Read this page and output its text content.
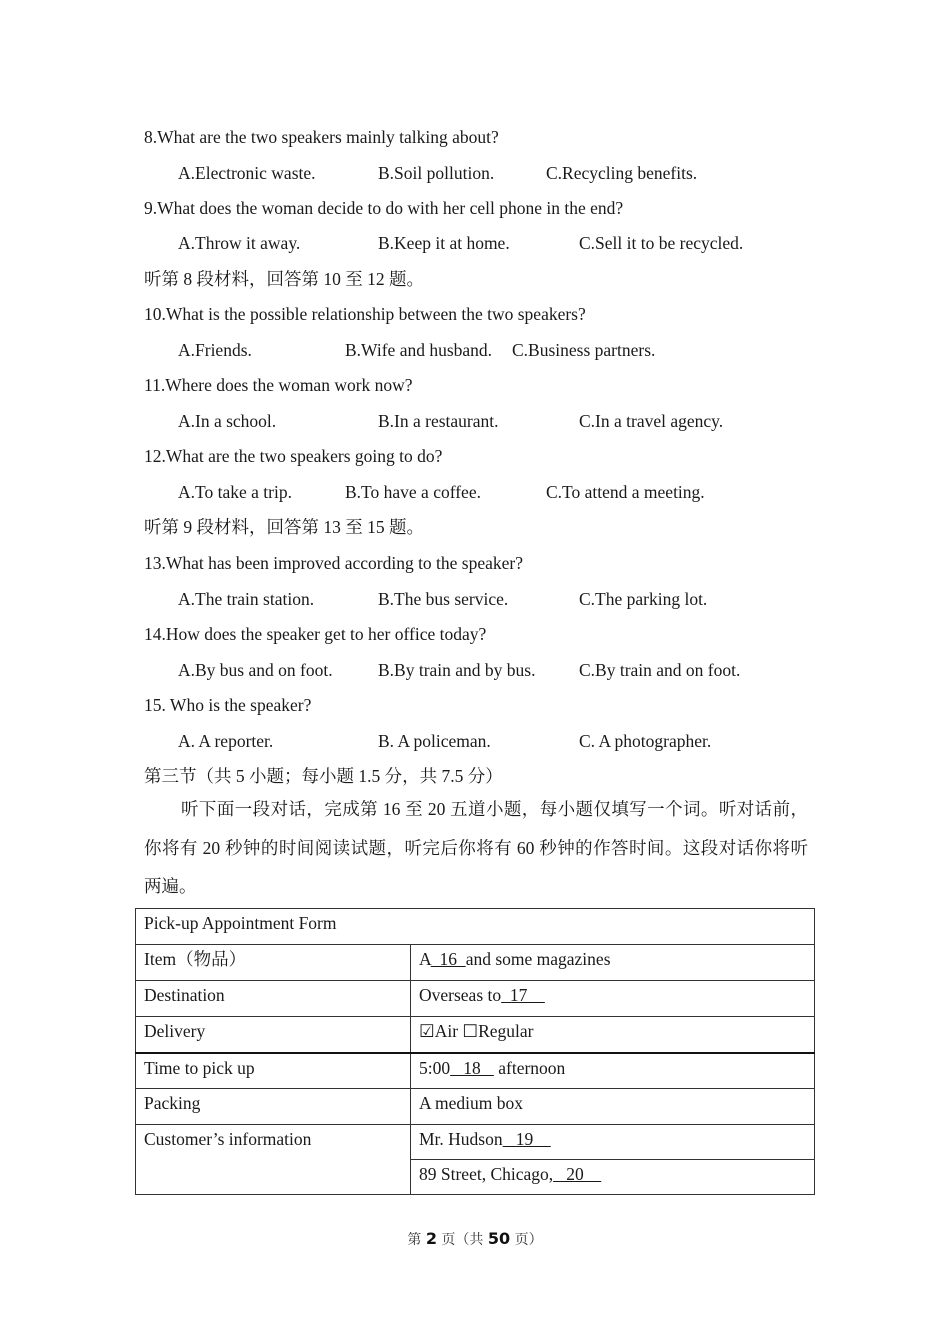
8.What are the two speakers mainly talking about?
A.Electronic waste.	B.Soil pollution.	C.Recycling benefits.
9.What does the woman decide to do with her cell phone in the end?
A.Throw it away.	B.Keep it at home.	C.Sell it to be recycled.
听第 8 段材料，回答第 10 至 12 题。
10.What is the possible relationship between the two speakers?
A.Friends.	B.Wife and husband. C.Business partners.
11.Where does the woman work now?
A.In a school.	B.In a restaurant.	C.In a travel agency.
12.What are the two speakers going to do?
A.To take a trip.	B.To have a coffee.	C.To attend a meeting.
听第 9 段材料，回答第 13 至 15 题。
13.What has been improved according to the speaker?
A.The train station.	B.The bus service.	C.The parking lot.
14.How does the speaker get to her office today?
A.By bus and on foot.	B.By train and by bus. C.By train and on foot.
15. Who is the speaker?
A. A reporter.	B. A policeman.	C. A photographer.
第三节（共 5 小题；每小题 1.5 分，共 7.5 分）
听下面一段对话，完成第 16 至 20 五道小题，每小题仅填写一个词。听对话前，你将有 20 秒钟的时间阅读试题，听完后你将有 60 秒钟的作答时间。这段对话你将听两遍。
Pick-up Appointment Form	
Item（物品）	A  16  and some magazines
Destination	Overseas to  17
Delivery	☑Air ☐Regular
Time to pick up	5:00   18    afternoon
Packing	A medium box
Customer’s information	Mr. Hudson   19
	89 Street, Chicago,   20
第 2 页（共 50 页）
